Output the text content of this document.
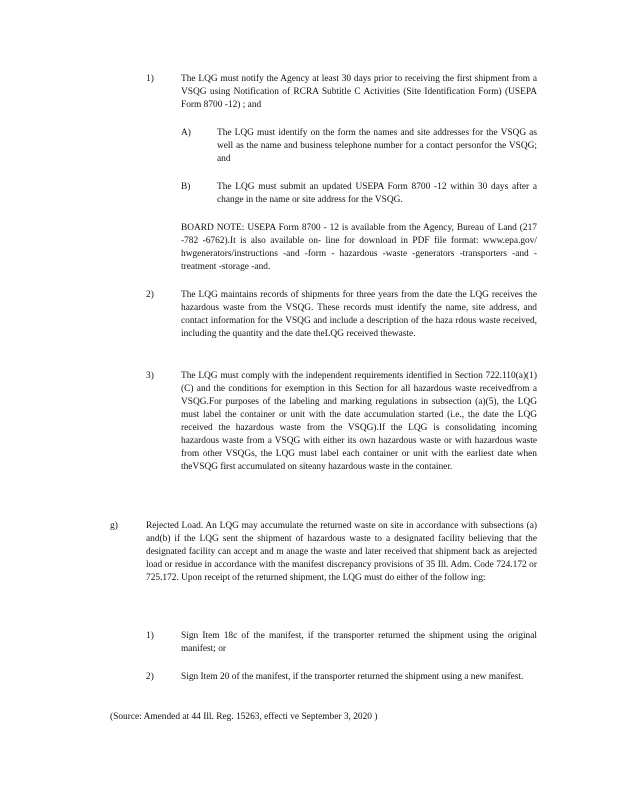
1)	The LQG must notify the Agency at least 30 days prior to receiving the first shipment from a VSQG using Notification of RCRA Subtitle C Activities (Site Identification Form) (USEPA Form 8700 -12) ; and

A)	The LQG must identify on the form the names and site addresses for the VSQG as well as the name and business telephone number for a contact personfor the VSQG; and

B)	The LQG must submit an updated USEPA Form 8700 -12 within 30 days after a change in the name or site address for the VSQG.

BOARD NOTE: USEPA Form 8700 - 12 is available from the Agency, Bureau of Land (217 -782 -6762).It is also available on- line for download in PDF file format: www.epa.gov/ hwgenerators/instructions -and -form - hazardous -waste -generators -transporters -and -treatment -storage -and.

2)	The LQG maintains records of shipments for three years from the date the LQG receives the hazardous waste from the VSQG. These records must identify the name, site address, and contact information for the VSQG and include a description of the haza rdous waste received, including the quantity and the date theLQG received thewaste.

3)	The LQG must comply with the independent requirements identified in Section 722.110(a)(1)(C) and the conditions for exemption in this Section for all hazardous waste receivedfrom a VSQG.For purposes of the labeling and marking regulations in subsection (a)(5), the LQG must label the container or unit with the date accumulation started (i.e., the date the LQG received the hazardous waste from the VSQG).If the LQG is consolidating incoming hazardous waste from a VSQG with either its own hazardous waste or with hazardous waste from other VSQGs, the LQG must label each container or unit with the earliest date when theVSQG first accumulated on siteany hazardous waste in the container.

g)	Rejected Load. An LQG may accumulate the returned waste on site in accordance with subsections (a) and(b) if the LQG sent the shipment of hazardous waste to a designated facility believing that the designated facility can accept and m anage the waste and later received that shipment back as arejected load or residue in accordance with the manifest discrepancy provisions of 35 Ill. Adm. Code 724.172 or 725.172. Upon receipt of the returned shipment, the LQG must do either of the follow ing:

1)	Sign Item 18c of the manifest, if the transporter returned the shipment using the original manifest; or

2)	Sign Item 20 of the manifest, if the transporter returned the shipment using a new manifest.

(Source: Amended at 44 Ill. Reg. 15263, effecti ve September 3, 2020 )
